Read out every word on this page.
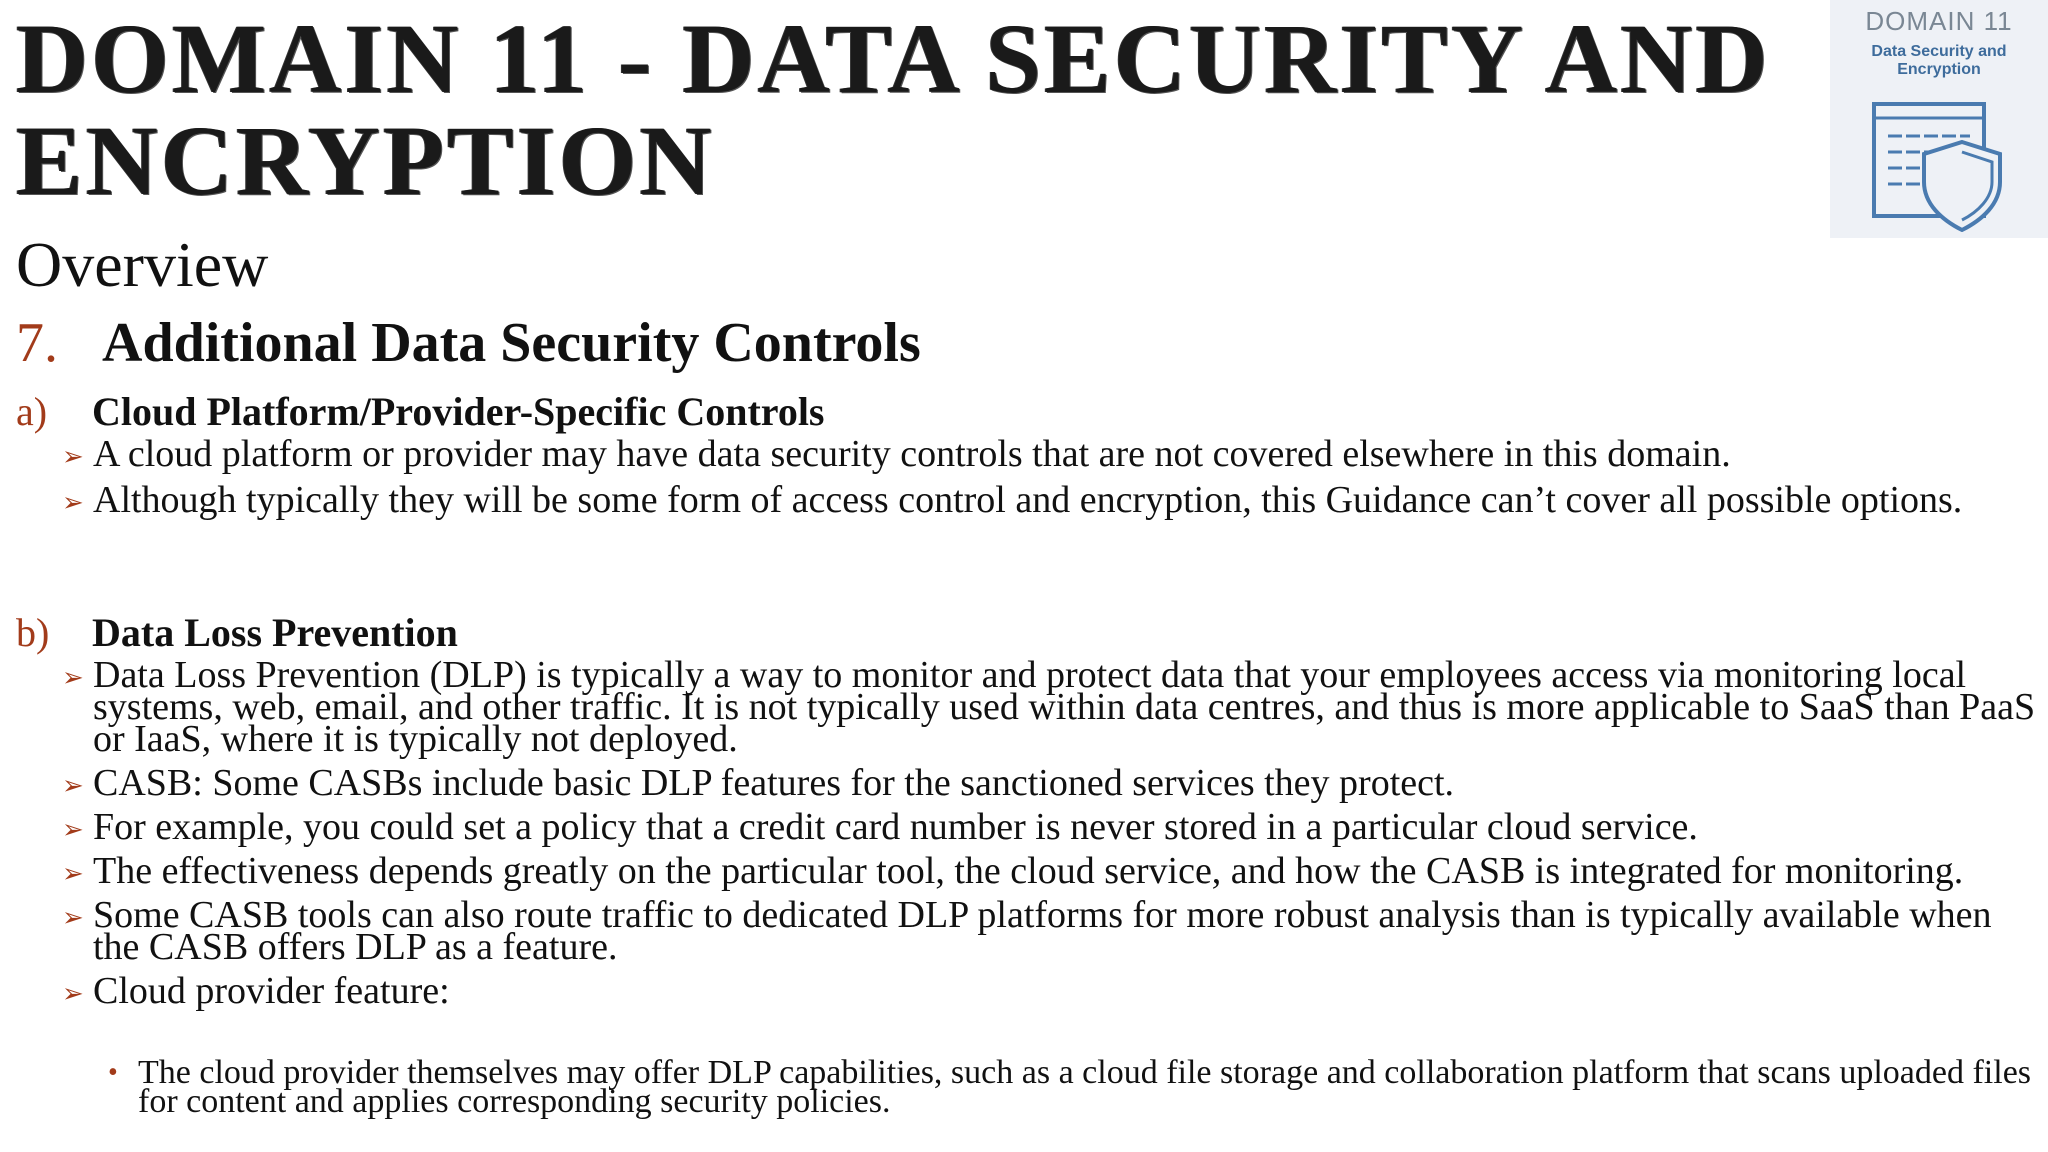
DOMAIN 11 - DATA SECURITY AND ENCRYPTION
DOMAIN 11
Data Security and Encryption
Overview
7. Additional Data Security Controls
a) Cloud Platform/Provider-Specific Controls
➢ A cloud platform or provider may have data security controls that are not covered elsewhere in this domain.
➢ Although typically they will be some form of access control and encryption, this Guidance can’t cover all possible options.
b) Data Loss Prevention
➢ Data Loss Prevention (DLP) is typically a way to monitor and protect data that your employees access via monitoring local systems, web, email, and other traffic. It is not typically used within data centres, and thus is more applicable to SaaS than PaaS or IaaS, where it is typically not deployed.
➢ CASB: Some CASBs include basic DLP features for the sanctioned services they protect.
➢ For example, you could set a policy that a credit card number is never stored in a particular cloud service.
➢ The effectiveness depends greatly on the particular tool, the cloud service, and how the CASB is integrated for monitoring.
➢ Some CASB tools can also route traffic to dedicated DLP platforms for more robust analysis than is typically available when the CASB offers DLP as a feature.
➢ Cloud provider feature:
• The cloud provider themselves may offer DLP capabilities, such as a cloud file storage and collaboration platform that scans uploaded files for content and applies corresponding security policies.
